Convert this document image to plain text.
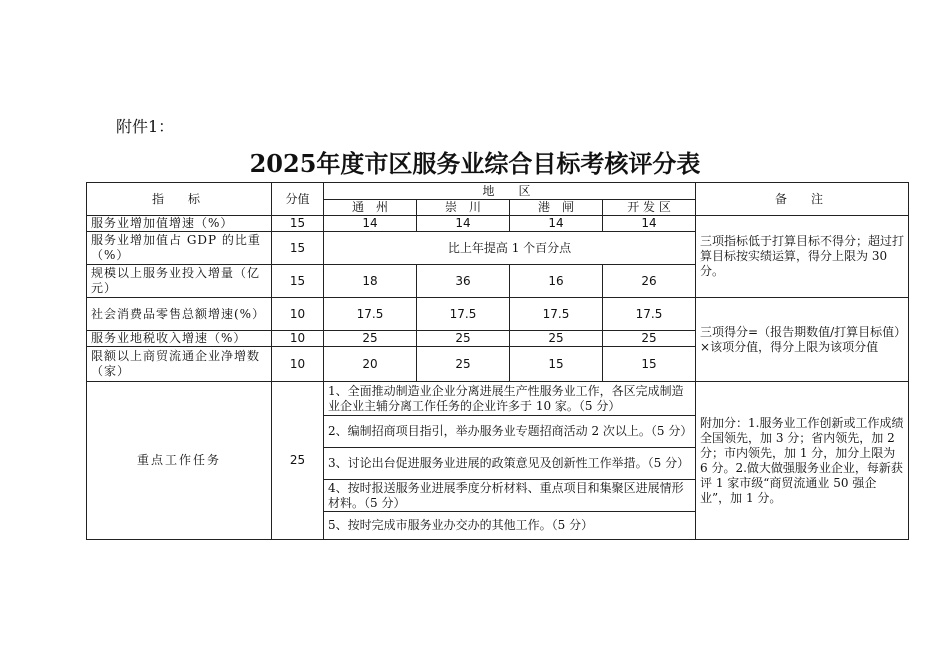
附件1：
2025年度市区服务业综合目标考核评分表
指　标	分值	地　区				备　注
		通　州	崇　川	港　闸	开 发 区	
服务业增加值增速（%）	15	14	14	14	14	三项指标低于打算目标不得分；超过打算目标按实绩运算，得分上限为 30 分。
服务业增加值占 GDP 的比重（%）	15	比上年提高 1 个百分点				
规模以上服务业投入增量（亿元）	15	18	36	16	26	
社会消费品零售总额增速(%）	10	17.5	17.5	17.5	17.5	三项得分=（报告期数值/打算目标值）×该项分值，得分上限为该项分值
服务业地税收入增速（%）	10	25	25	25	25	
限额以上商贸流通企业净增数（家）	10	20	25	15	15	
重点工作任务	25	1、全面推动制造业企业分离进展生产性服务业工作，各区完成制造业企业主辅分离工作任务的企业许多于 10 家。（5 分）				附加分：1.服务业工作创新或工作成绩全国领先，加 3 分；省内领先，加 2 分；市内领先，加 1 分，加分上限为 6 分。2.做大做强服务业企业，每新获评 1 家市级“商贸流通业 50 强企业”，加 1 分。
		2、编制招商项目指引，举办服务业专题招商活动 2 次以上。（5 分）				
		3、讨论出台促进服务业进展的政策意见及创新性工作举措。（5 分）				
		4、按时报送服务业进展季度分析材料、重点项目和集聚区进展情形材料。（5 分）				
		5、按时完成市服务业办交办的其他工作。（5 分）				
